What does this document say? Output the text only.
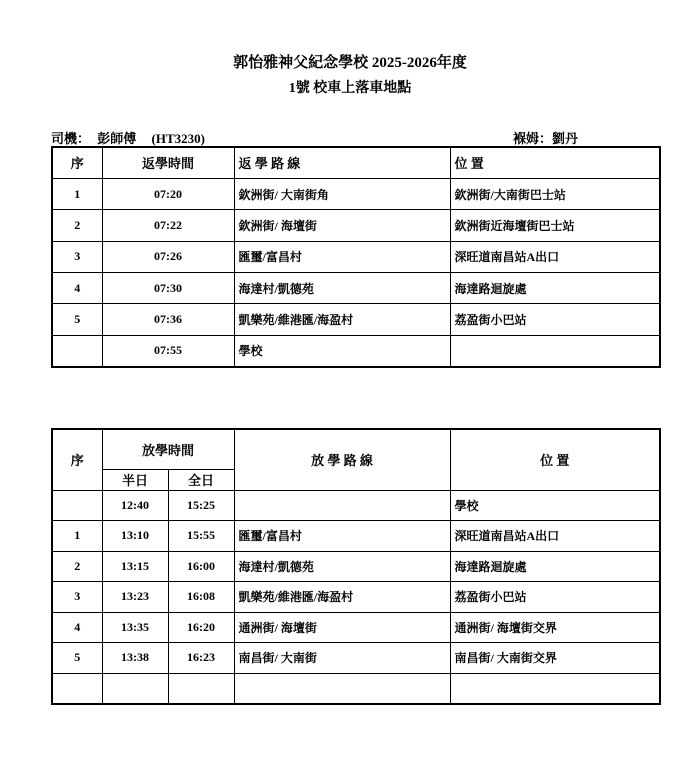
郭怡雅神父紀念學校 2025-2026年度
1號 校車上落車地點
司機： 彭師傅 (HT3230)	褓姆：劉丹
序	返學時間	返 學 路 線	位 置
1	07:20	欽洲街/ 大南街角	欽洲街/大南街巴士站
2	07:22	欽洲街/ 海壇街	欽洲街近海壇街巴士站
3	07:26	匯璽/富昌村	深旺道南昌站A出口
4	07:30	海達村/凱德苑	海達路迴旋處
5	07:36	凱樂苑/維港匯/海盈村	荔盈街小巴站
	07:55	學校	
序	放學時間		放 學 路 線	位 置
	半日	全日		
	12:40	15:25		學校
1	13:10	15:55	匯璽/富昌村	深旺道南昌站A出口
2	13:15	16:00	海達村/凱德苑	海達路迴旋處
3	13:23	16:08	凱樂苑/維港匯/海盈村	荔盈街小巴站
4	13:35	16:20	通洲街/ 海壇街	通洲街/ 海壇街交界
5	13:38	16:23	南昌街/ 大南街	南昌街/ 大南街交界
